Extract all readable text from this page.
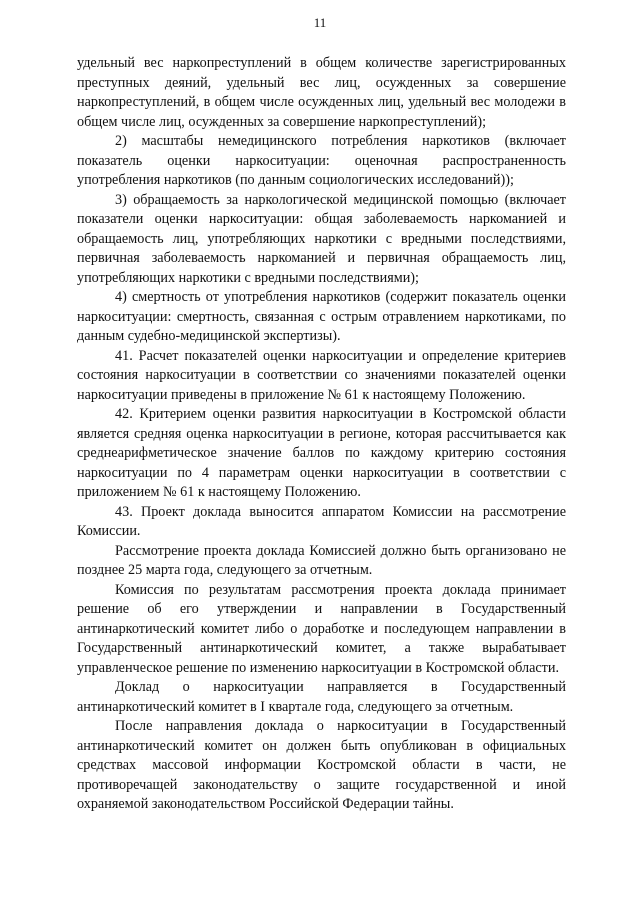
11

удельный вес наркопреступлений в общем количестве зарегистрированных преступных деяний, удельный вес лиц, осужденных за совершение наркопреступлений, в общем числе осужденных лиц, удельный вес молодежи в общем числе лиц, осужденных за совершение наркопреступлений);

2) масштабы немедицинского потребления наркотиков (включает показатель оценки наркоситуации: оценочная распространенность употребления наркотиков (по данным социологических исследований));

3) обращаемость за наркологической медицинской помощью (включает показатели оценки наркоситуации: общая заболеваемость наркоманией и обращаемость лиц, употребляющих наркотики с вредными последствиями, первичная заболеваемость наркоманией и первичная обращаемость лиц, употребляющих наркотики с вредными последствиями);

4) смертность от употребления наркотиков (содержит показатель оценки наркоситуации: смертность, связанная с острым отравлением наркотиками, по данным судебно-медицинской экспертизы).

41. Расчет показателей оценки наркоситуации и определение критериев состояния наркоситуации в соответствии со значениями показателей оценки наркоситуации приведены в приложение № 61 к настоящему Положению.

42. Критерием оценки развития наркоситуации в Костромской области является средняя оценка наркоситуации в регионе, которая рассчитывается как среднеарифметическое значение баллов по каждому критерию состояния наркоситуации по 4 параметрам оценки наркоситуации в соответствии с приложением № 61 к настоящему Положению.

43. Проект доклада выносится аппаратом Комиссии на рассмотрение Комиссии.

Рассмотрение проекта доклада Комиссией должно быть организовано не позднее 25 марта года, следующего за отчетным.

Комиссия по результатам рассмотрения проекта доклада принимает решение об его утверждении и направлении в Государственный антинаркотический комитет либо о доработке и последующем направлении в Государственный антинаркотический комитет, а также вырабатывает управленческое решение по изменению наркоситуации в Костромской области.

Доклад о наркоситуации направляется в Государственный антинаркотический комитет в I квартале года, следующего за отчетным.

После направления доклада о наркоситуации в Государственный антинаркотический комитет он должен быть опубликован в официальных средствах массовой информации Костромской области в части, не противоречащей законодательству о защите государственной и иной охраняемой законодательством Российской Федерации тайны.
